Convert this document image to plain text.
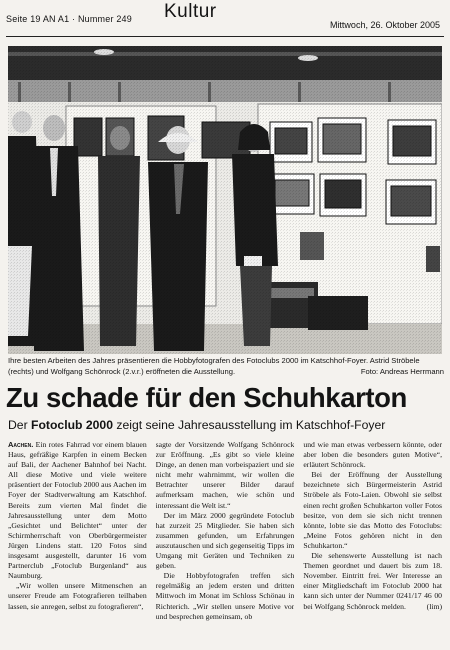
Seite 19 AN A1 · Nummer 249 Kultur
Mittwoch, 26. Oktober 2005
Ihre besten Arbeiten des Jahres präsentieren die Hobbyfotografen des Fotoclubs 2000 im Katschhof-Foyer. Astrid Ströbele (rechts) und Wolfgang Schönrock (2.v.r.) eröffneten die Ausstellung.	Foto: Andreas Herrmann
Zu schade für den Schuhkarton
Der Fotoclub 2000 zeigt seine Jahresausstellung im Katschhof-Foyer

Aachen. Ein rotes Fahrrad vor einem blauen Haus, gefräßige Karpfen in einem Becken auf Bali, der Aachener Bahnhof bei Nacht. All diese Motive und viele weitere präsentiert der Fotoclub 2000 aus Aachen im Foyer der Stadtverwaltung am Katschhof. Bereits zum vierten Mal findet die Jahresausstellung unter dem Motto „Gesichtet und Belichtet“ unter der Schirmherrschaft von Oberbürgermeister Jürgen Lindens statt. 120 Fotos sind insgesamt ausgestellt, darunter 16 vom Partnerclub „Fotoclub Burgenland“ aus Naumburg.

„Wir wollen unsere Mitmenschen an unserer Freude am Fotografieren teilhaben lassen, sie anregen, selbst zu fotografieren“,

sagte der Vorsitzende Wolfgang Schönrock zur Eröffnung. „Es gibt so viele kleine Dinge, an denen man vorbeispaziert und sie nicht mehr wahrnimmt, wir wollen die Betrachter unserer Bilder darauf aufmerksam machen, wie schön und interessant die Welt ist.“

Der im März 2000 gegründete Fotoclub hat zurzeit 25 Mitglieder. Sie haben sich zusammen gefunden, um Erfahrungen auszutauschen und sich gegenseitig Tipps im Umgang mit Geräten und Techniken zu geben.

Die Hobbyfotografen treffen sich regelmäßig an jedem ersten und dritten Mittwoch im Monat im Schloss Schönau in Richterich. „Wir stellen unsere Motive vor und besprechen gemeinsam, ob

und wie man etwas verbessern könnte, oder aber loben die besonders guten Motive“, erläutert Schönrock.

Bei der Eröffnung der Ausstellung bezeichnete sich Bürgermeisterin Astrid Ströbele als Foto-Laien. Obwohl sie selbst einen recht großen Schuhkarton voller Fotos besitze, von dem sie sich nicht trennen könnte, lobte sie das Motto des Fotoclubs: „Meine Fotos gehören nicht in den Schuhkarton.“

Die sehenswerte Ausstellung ist nach Themen geordnet und dauert bis zum 18. November. Eintritt frei. Wer Interesse an einer Mitgliedschaft im Fotoclub 2000 hat kann sich unter der Nummer 0241/17 46 00 bei Wolfgang Schönrock melden.	(lim)
